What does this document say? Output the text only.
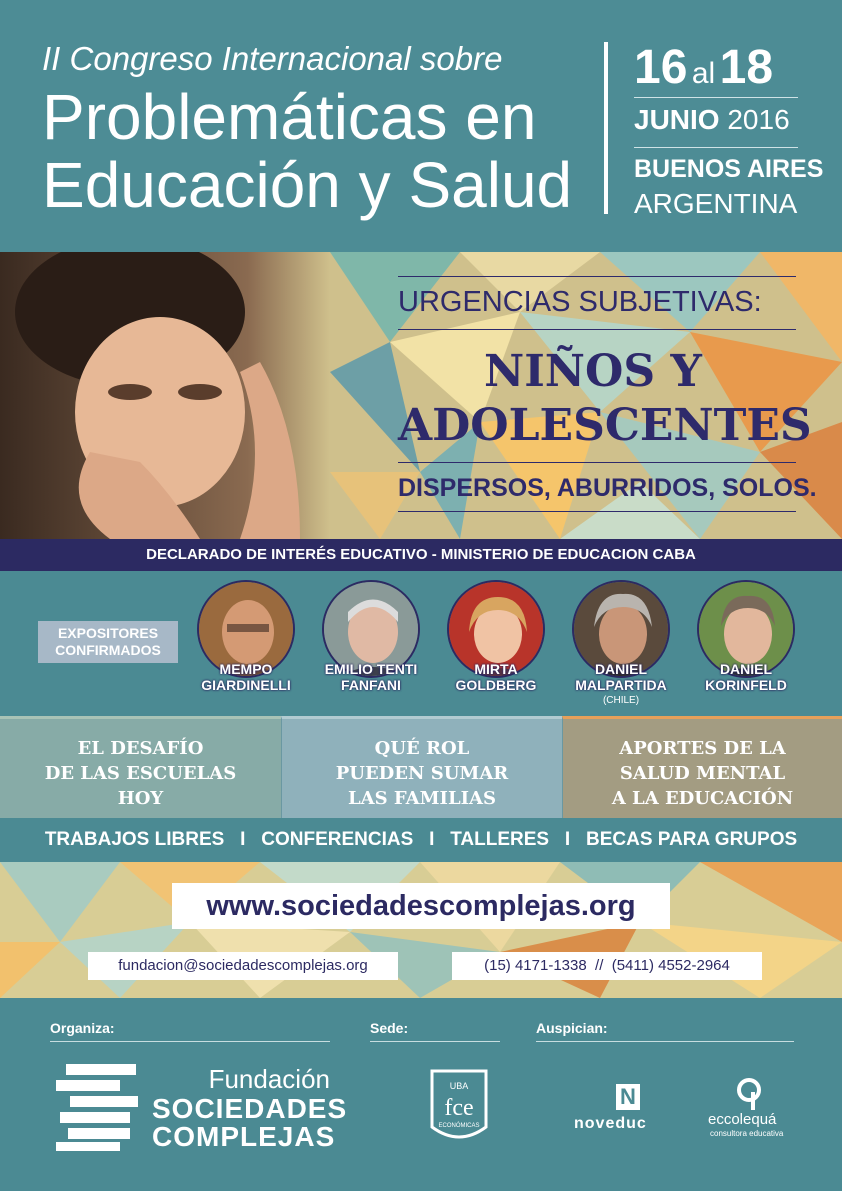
II Congreso Internacional sobre
Problemáticas en
Educación y Salud
16 al 18
JUNIO 2016
BUENOS AIRES
ARGENTINA
URGENCIAS SUBJETIVAS:
NIÑOS Y
ADOLESCENTES
DISPERSOS, ABURRIDOS, SOLOS.
DECLARADO DE INTERÉS EDUCATIVO - MINISTERIO DE EDUCACION CABA
EXPOSITORES
CONFIRMADOS
MEMPO
GIARDINELLI
EMILIO TENTI
FANFANI
MIRTA
GOLDBERG
DANIEL
MALPARTIDA
(CHILE)
DANIEL
KORINFELD
EL DESAFÍO
DE LAS ESCUELAS
HOY
QUÉ ROL
PUEDEN SUMAR
LAS FAMILIAS
APORTES DE LA
SALUD MENTAL
A LA EDUCACIÓN
TRABAJOS LIBRES   I   CONFERENCIAS   I   TALLERES   I   BECAS PARA GRUPOS
www.sociedadescomplejas.org
fundacion@sociedadescomplejas.org	(15) 4171-1338  //  (5411) 4552-2964
Organiza:	Sede:	Auspician:
Fundación
SOCIEDADES
COMPLEJAS
UBA
fce
ECONÓMICAS
N
noveduc	eccolequá
consultora educativa
